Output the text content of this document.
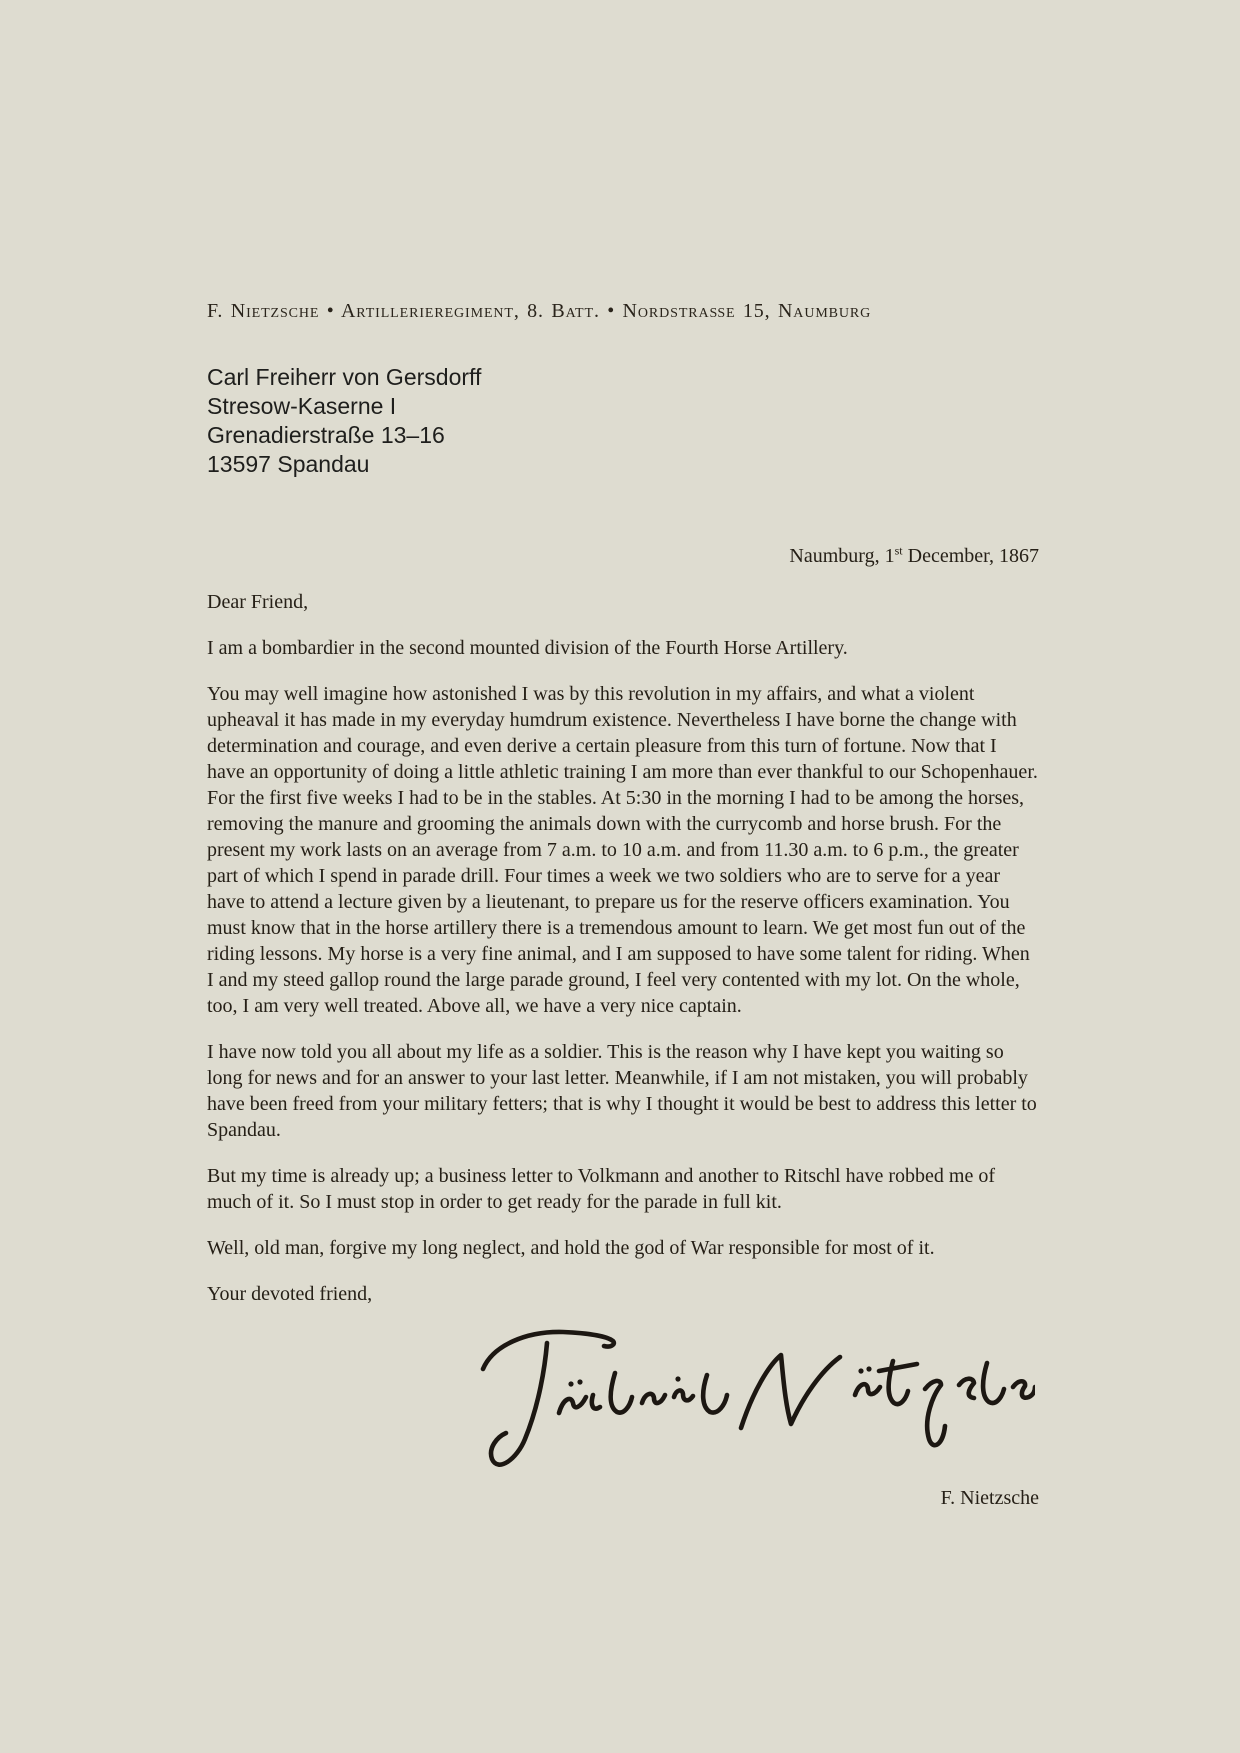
F. Nietzsche • Artillerieregiment, 8. Batt. • Nordstraße 15, Naumburg
Carl Freiherr von Gersdorff
Stresow-Kaserne I
Grenadierstraße 13–16
13597 Spandau
Naumburg, 1st December, 1867

Dear Friend,

I am a bombardier in the second mounted division of the Fourth Horse Artillery.

You may well imagine how astonished I was by this revolution in my affairs, and what a violent upheaval it has made in my everyday humdrum existence. Nevertheless I have borne the change with determination and courage, and even derive a certain pleasure from this turn of fortune. Now that I have an opportunity of doing a little athletic training I am more than ever thankful to our Schopenhauer. For the first five weeks I had to be in the stables. At 5:30 in the morning I had to be among the horses, removing the manure and grooming the animals down with the currycomb and horse brush. For the present my work lasts on an average from 7 a.m. to 10 a.m. and from 11.30 a.m. to 6 p.m., the greater part of which I spend in parade drill. Four times a week we two soldiers who are to serve for a year have to attend a lecture given by a lieutenant, to prepare us for the reserve officers examination. You must know that in the horse artillery there is a tremendous amount to learn. We get most fun out of the riding lessons. My horse is a very fine animal, and I am supposed to have some talent for riding. When I and my steed gallop round the large parade ground, I feel very contented with my lot. On the whole, too, I am very well treated. Above all, we have a very nice captain.

I have now told you all about my life as a soldier. This is the reason why I have kept you waiting so long for news and for an answer to your last letter. Meanwhile, if I am not mistaken, you will probably have been freed from your military fetters; that is why I thought it would be best to address this letter to Spandau.

But my time is already up; a business letter to Volkmann and another to Ritschl have robbed me of much of it. So I must stop in order to get ready for the parade in full kit.

Well, old man, forgive my long neglect, and hold the god of War responsible for most of it.

Your devoted friend,

F. Nietzsche
